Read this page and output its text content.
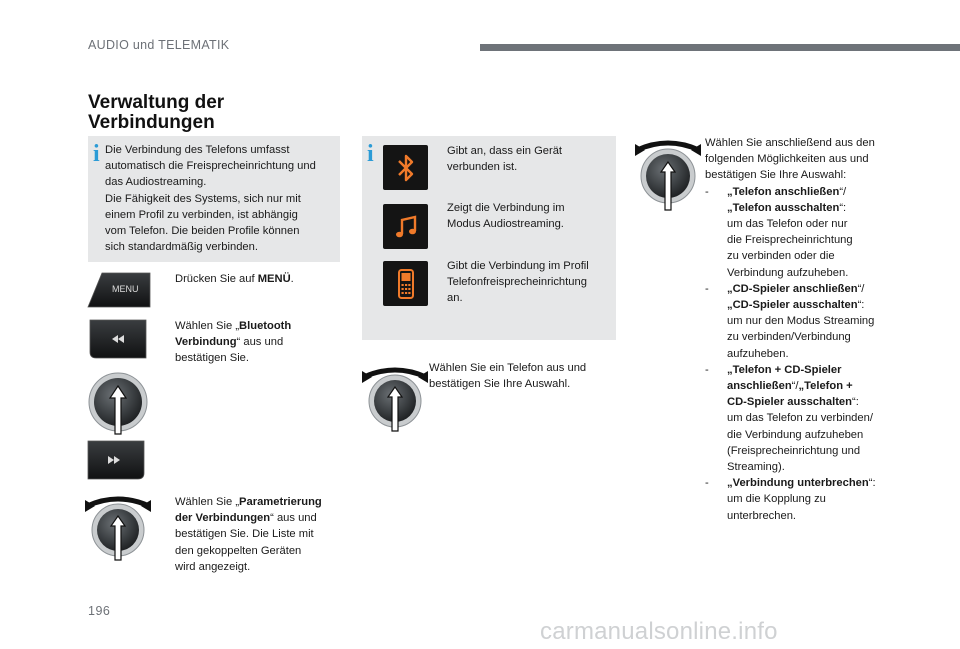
AUDIO und TELEMATIK
Verwaltung der
Verbindungen
i Die Verbindung des Telefons umfasst
automatisch die Freisprecheinrichtung und
das Audiostreaming.
Die Fähigkeit des Systems, sich nur mit
einem Profil zu verbinden, ist abhängig
vom Telefon. Die beiden Profile können
sich standardmäßig verbinden.
MENU
Drücken Sie auf MENÜ.
Wählen Sie „Bluetooth
Verbindung“ aus und
bestätigen Sie.
Wählen Sie „Parametrierung
der Verbindungen“ aus und
bestätigen Sie. Die Liste mit
den gekoppelten Geräten
wird angezeigt.
i	Gibt an, dass ein Gerät
verbunden ist.
Zeigt die Verbindung im
Modus Audiostreaming.
Gibt die Verbindung im Profil
Telefonfreisprecheinrichtung
an.
Wählen Sie ein Telefon aus und
bestätigen Sie Ihre Auswahl.
Wählen Sie anschließend aus den
folgenden Möglichkeiten aus und
bestätigen Sie Ihre Auswahl:
- „Telefon anschließen“/
„Telefon ausschalten“:
um das Telefon oder nur
die Freisprecheinrichtung
zu verbinden oder die
Verbindung aufzuheben.
- „CD-Spieler anschließen“/
„CD-Spieler ausschalten“:
um nur den Modus Streaming
zu verbinden/Verbindung
aufzuheben.
- „Telefon + CD-Spieler
anschließen“/„Telefon +
CD-Spieler ausschalten“:
um das Telefon zu verbinden/
die Verbindung aufzuheben
(Freisprecheinrichtung und
Streaming).
- „Verbindung unterbrechen“:
um die Kopplung zu
unterbrechen.
196
carmanualsonline.info
